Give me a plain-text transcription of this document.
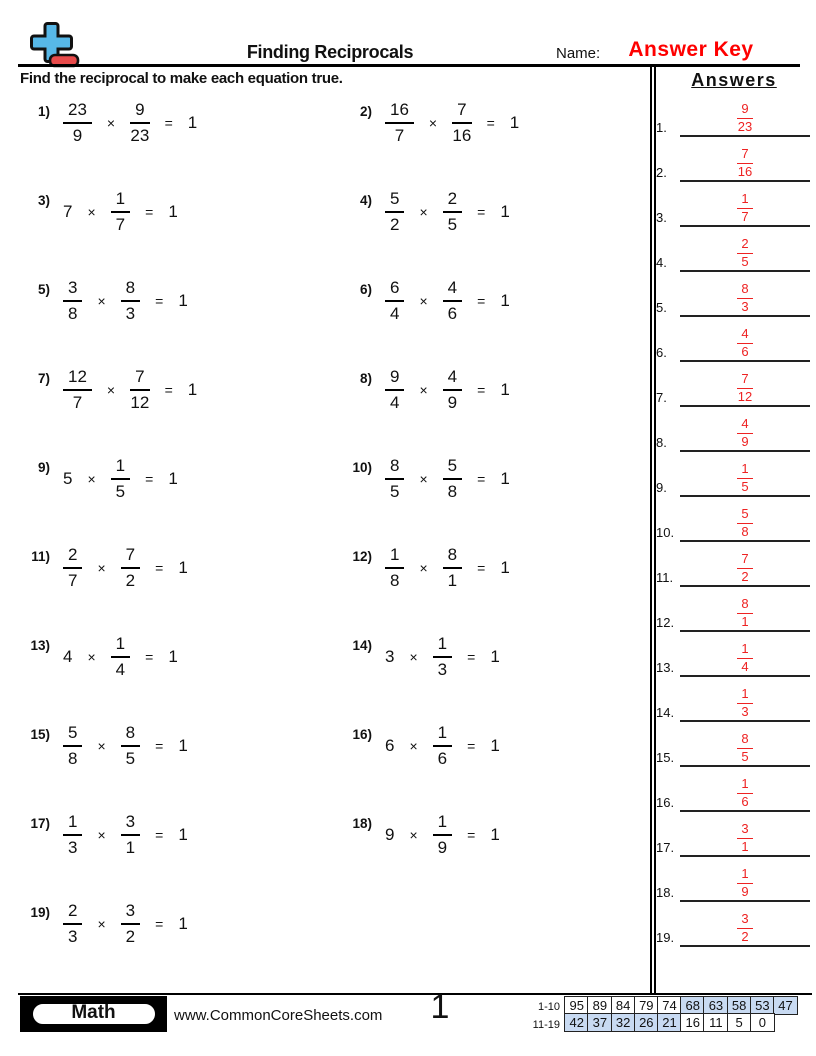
Finding Reciprocals	Name:	Answer Key
Find the reciprocal to make each equation true.
$1) \frac{23}{9} \times \frac{9}{23} = 1$
$2) \frac{16}{7} \times \frac{7}{16} = 1$
3)
$7 \times \frac{1}{7} = 1$
$4) \frac{5}{2} \times \frac{2}{5} = 1$
$5) \frac{3}{8} \times \frac{8}{3} = 1$
$6) \frac{6}{4} \times \frac{4}{6} = 1$
$7) \frac{12}{7} \times \frac{7}{12} = 1$
$8) \frac{9}{4} \times \frac{4}{9} = 1$
9)
$5 \times \frac{1}{5} = 1$
$10) \frac{8}{5} \times \frac{5}{8} = 1$
$11) \frac{2}{7} \times \frac{7}{2} = 1$
$12) \frac{1}{8} \times \frac{8}{1} = 1$
13)
$4 \times \frac{1}{4} = 1$
14)
$3 \times \frac{1}{3} = 1$
$15) \frac{5}{8} \times \frac{8}{5} = 1$
16)
$6 \times \frac{1}{6} = 1$
$17) \frac{1}{3} \times \frac{3}{1} = 1$
18)
$9 \times \frac{1}{9} = 1$
$19) \frac{2}{3} \times \frac{3}{2} = 1$
Answers
1. $\frac{9}{23}$
2. $\frac{7}{16}$
3. $\frac{1}{7}$
4. $\frac{2}{5}$
5. $\frac{8}{3}$
6. $\frac{4}{6}$
7. $\frac{7}{12}$
8. $\frac{4}{9}$
9. $\frac{1}{5}$
10. $\frac{5}{8}$
11. $\frac{7}{2}$
12. $\frac{8}{1}$
13. $\frac{1}{4}$
14. $\frac{1}{3}$
15. $\frac{8}{5}$
16. $\frac{1}{6}$
17. $\frac{3}{1}$
18. $\frac{1}{9}$
19. $\frac{3}{2}$
Math	www.CommonCoreSheets.com	1	1-10
11-19
95 89 84 79 74 68 63 58 53 47
42 37 32 26 21 16 11 5	0
